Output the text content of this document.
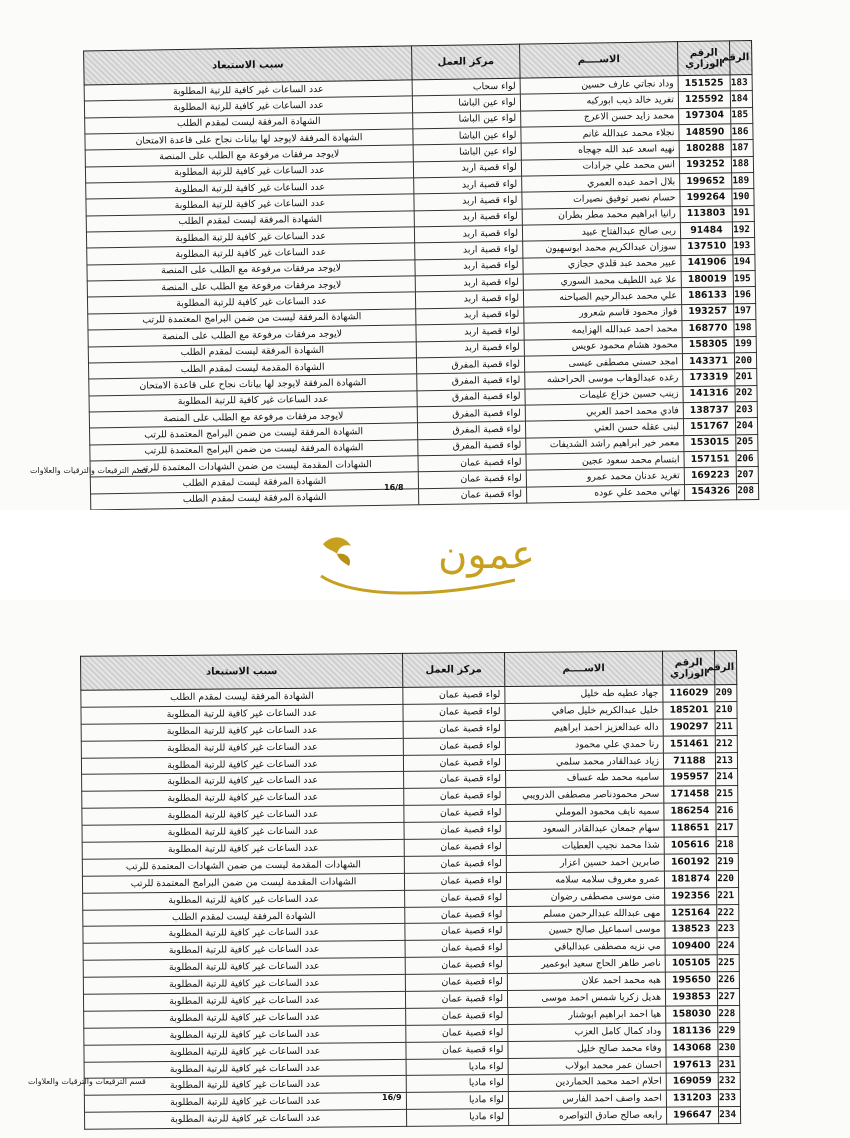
الرقم	الرقم الوزاري	الاســــم	مركز العمل	سبب الاستبعاد
183	151525	وداد نجاتي عارف حسين	لواء سحاب	عدد الساعات غير كافية للرتبة المطلوبة
184	125592	تغريد خالد ذيب ابوركبه	لواء عين الباشا	عدد الساعات غير كافية للرتبة المطلوبة
185	197304	محمد زايد حسن الاعرج	لواء عين الباشا	الشهادة المرفقة ليست لمقدم الطلب
186	148590	نجلاء محمد عبدالله غانم	لواء عين الباشا	الشهادة المرفقة لايوجد لها بيانات نجاح على قاعدة الامتحان
187	180288	نهيه اسعد عبد الله جهجاه	لواء عين الباشا	لايوجد مرفقات مرفوعة مع الطلب على المنصة
188	193252	انس محمد علي جرادات	لواء قصبة اربد	عدد الساعات غير كافية للرتبة المطلوبة
189	199652	بلال احمد عبده العمري	لواء قصبة اربد	عدد الساعات غير كافية للرتبة المطلوبة
190	199264	حسام نصير توفيق نصيرات	لواء قصبة اربد	عدد الساعات غير كافية للرتبة المطلوبة
191	113803	رانيا ابراهيم محمد مطر بطران	لواء قصبة اربد	الشهادة المرفقة ليست لمقدم الطلب
192	91484	ربى صالح عبدالفتاح عبيد	لواء قصبة اربد	عدد الساعات غير كافية للرتبة المطلوبة
193	137510	سوزان عبدالكريم محمد ابوسهيون	لواء قصبة اربد	عدد الساعات غير كافية للرتبة المطلوبة
194	141906	عبير محمد عبد قلدي حجازي	لواء قصبة اربد	لايوجد مرفقات مرفوعة مع الطلب على المنصة
195	180019	علا عبد اللطيف محمد السوري	لواء قصبة اربد	لايوجد مرفقات مرفوعة مع الطلب على المنصة
196	186133	علي محمد عبدالرحيم الصياحنه	لواء قصبة اربد	عدد الساعات غير كافية للرتبة المطلوبة
197	193257	فواز محمود قاسم شعرور	لواء قصبة اربد	الشهادة المرفقة ليست من ضمن البرامج المعتمدة للرتب
198	168770	محمد احمد عبدالله الهزايمه	لواء قصبة اربد	لايوجد مرفقات مرفوعة مع الطلب على المنصة
199	158305	محمود هشام محمود عويس	لواء قصبة اربد	الشهادة المرفقة ليست لمقدم الطلب
200	143371	امجد حسني مصطفى عيسى	لواء قصبة المفرق	الشهادة المقدمة ليست لمقدم الطلب
201	173319	رغده عبدالوهاب موسى الحراحشه	لواء قصبة المفرق	الشهادة المرفقة لايوجد لها بيانات نجاح على قاعدة الامتحان
202	141316	زينب حسين خزاع عليمات	لواء قصبة المفرق	عدد الساعات غير كافية للرتبة المطلوبة
203	138737	فادي محمد احمد العربي	لواء قصبة المفرق	لايوجد مرفقات مرفوعة مع الطلب على المنصة
204	151767	لبنى عقله حسن العتي	لواء قصبة المفرق	الشهادة المرفقة ليست من ضمن البرامج المعتمدة للرتب
205	153015	معمر خير ابراهيم راشد الشديفات	لواء قصبة المفرق	الشهادة المرفقة ليست من ضمن البرامج المعتمدة للرتب
206	157151	ابتسام محمد سعود عجين	لواء قصبة عمان	الشهادات المقدمة ليست من ضمن الشهادات المعتمدة للرتب
207	169223	تغريد عدنان محمد عمرو	لواء قصبة عمان	الشهادة المرفقة ليست لمقدم الطلب
208	154326	تهاني محمد علي عوده	لواء قصبة عمان	الشهادة المرفقة ليست لمقدم الطلب
قسم الترقيعات والترقيات والعلاوات
16/8
عمون
الرقم	الرقم الوزاري	الاســــم	مركز العمل	سبب الاستبعاد
209	116029	جهاد عطيه طه خليل	لواء قصبة عمان	الشهادة المرفقة ليست لمقدم الطلب
210	185201	خليل عبدالكريم خليل صافي	لواء قصبة عمان	عدد الساعات غير كافية للرتبة المطلوبة
211	190297	داله عبدالعزيز احمد ابراهيم	لواء قصبة عمان	عدد الساعات غير كافية للرتبة المطلوبة
212	151461	رنا حمدي علي محمود	لواء قصبة عمان	عدد الساعات غير كافية للرتبة المطلوبة
213	71188	زياد عبدالقادر محمد سلمي	لواء قصبة عمان	عدد الساعات غير كافية للرتبة المطلوبة
214	195957	ساميه محمد طه عساف	لواء قصبة عمان	عدد الساعات غير كافية للرتبة المطلوبة
215	171458	سحر محمودناصر مصطفى الدرويبي	لواء قصبة عمان	عدد الساعات غير كافية للرتبة المطلوبة
216	186254	سميه نايف محمود الموملي	لواء قصبة عمان	عدد الساعات غير كافية للرتبة المطلوبة
217	118651	سهام جمعان عبدالقادر السعود	لواء قصبة عمان	عدد الساعات غير كافية للرتبة المطلوبة
218	105616	شذا محمد نجيب العطيات	لواء قصبة عمان	عدد الساعات غير كافية للرتبة المطلوبة
219	160192	صابرين احمد حسين اعزار	لواء قصبة عمان	الشهادات المقدمة ليست من ضمن الشهادات المعتمدة للرتب
220	181874	عمرو معروف سلامه سلامه	لواء قصبة عمان	الشهادات المقدمة ليست من ضمن البرامج المعتمدة للرتب
221	192356	منى موسى مصطفى رضوان	لواء قصبة عمان	عدد الساعات غير كافية للرتبة المطلوبة
222	125164	مهى عبدالله عبدالرحمن مسلم	لواء قصبة عمان	الشهادة المرفقة ليست لمقدم الطلب
223	138523	موسى اسماعيل صالح حسين	لواء قصبة عمان	عدد الساعات غير كافية للرتبة المطلوبة
224	109400	مي نزيه مصطفى عبدالباقي	لواء قصبة عمان	عدد الساعات غير كافية للرتبة المطلوبة
225	105105	ناصر طاهر الحاج سعيد ابوعمير	لواء قصبة عمان	عدد الساعات غير كافية للرتبة المطلوبة
226	195650	هبه محمد احمد علان	لواء قصبة عمان	عدد الساعات غير كافية للرتبة المطلوبة
227	193853	هديل زكريا شمس احمد موسى	لواء قصبة عمان	عدد الساعات غير كافية للرتبة المطلوبة
228	158030	هيا احمد ابراهيم ابوشنار	لواء قصبة عمان	عدد الساعات غير كافية للرتبة المطلوبة
229	181136	وداد كمال كامل العزب	لواء قصبة عمان	عدد الساعات غير كافية للرتبة المطلوبة
230	143068	وفاء محمد صالح خليل	لواء قصبة عمان	عدد الساعات غير كافية للرتبة المطلوبة
231	197613	احسان عمر محمد ابولاب	لواء ماديا	عدد الساعات غير كافية للرتبة المطلوبة
232	169059	احلام احمد محمد الحماردين	لواء ماديا	عدد الساعات غير كافية للرتبة المطلوبة
233	131203	احمد واصف احمد الفارس	لواء ماديا	عدد الساعات غير كافية للرتبة المطلوبة
234	196647	رابعه صالح صادق التواصره	لواء ماديا	عدد الساعات غير كافية للرتبة المطلوبة
قسم الترقيعات والترقيات والعلاوات
16/9
